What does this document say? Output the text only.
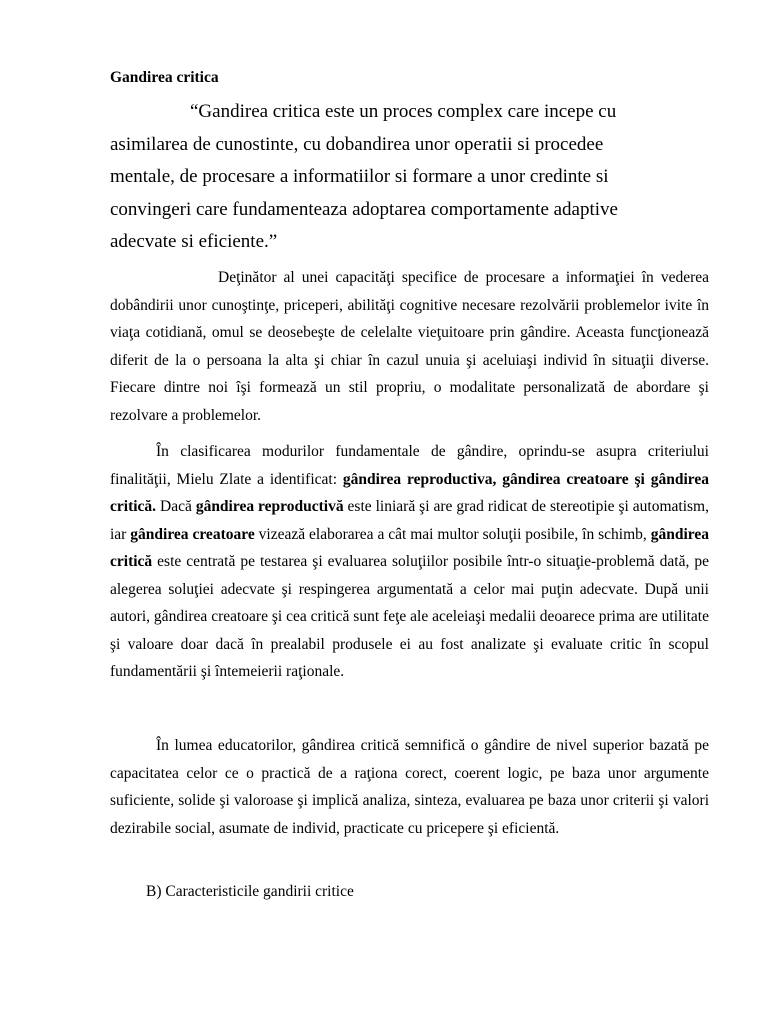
Gandirea critica
“Gandirea critica este un proces complex care incepe cu asimilarea de cunostinte, cu dobandirea unor operatii si procedee mentale, de procesare a informatiilor si formare a unor credinte si convingeri care fundamenteaza adoptarea comportamente adaptive adecvate si eficiente.”
Deţinător al unei capacităţi specifice de procesare a informaţiei în vederea dobândirii unor cunoştinţe, priceperi, abilităţi cognitive necesare rezolvării problemelor ivite în viaţa cotidiană, omul se deosebeşte de celelalte vieţuitoare prin gândire. Aceasta funcţionează diferit de la o persoana la alta şi chiar în cazul unuia şi aceluiaşi individ în situaţii diverse. Fiecare dintre noi îşi formează un stil propriu, o modalitate personalizată de abordare şi rezolvare a problemelor.
În clasificarea modurilor fundamentale de gândire, oprindu-se asupra criteriului finalităţii, Mielu Zlate a identificat: gândirea reproductiva, gândirea creatoare şi gândirea critică. Dacă gândirea reproductivă este liniară şi are grad ridicat de stereotipie şi automatism, iar gândirea creatoare vizează elaborarea a cât mai multor soluţii posibile, în schimb, gândirea critică este centrată pe testarea şi evaluarea soluţiilor posibile într-o situaţie-problemă dată, pe alegerea soluţiei adecvate şi respingerea argumentată a celor mai puţin adecvate. După unii autori, gândirea creatoare şi cea critică sunt feţe ale aceleiaşi medalii deoarece prima are utilitate şi valoare doar dacă în prealabil produsele ei au fost analizate şi evaluate critic în scopul fundamentării şi întemeierii raţionale.
În lumea educatorilor, gândirea critică semnifică o gândire de nivel superior bazată pe capacitatea celor ce o practică de a raţiona corect, coerent logic, pe baza unor argumente suficiente, solide şi valoroase şi implică analiza, sinteza, evaluarea pe baza unor criterii şi valori dezirabile social, asumate de individ, practicate cu pricepere şi eficientă.
B) Caracteristicile gandirii critice
